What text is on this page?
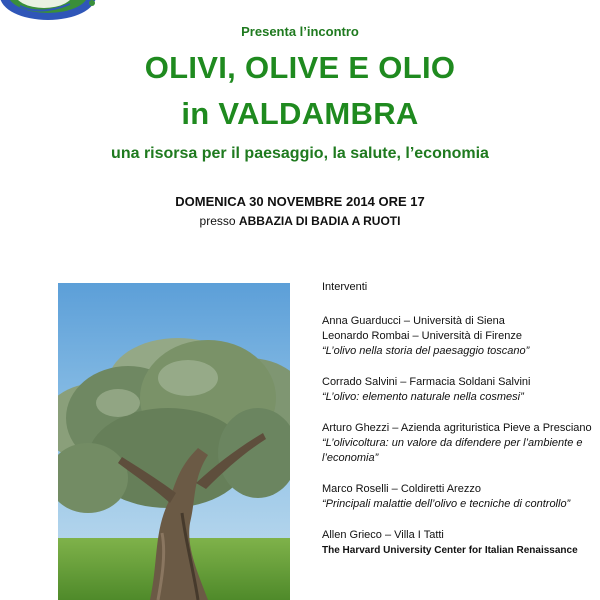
Presenta l’incontro
OLIVI, OLIVE E OLIO
in VALDAMBRA
una risorsa per il paesaggio, la salute, l’economia
DOMENICA 30 NOVEMBRE 2014 ORE 17
presso ABBAZIA DI BADIA A RUOTI
Interventi
Anna Guarducci – Università di Siena
Leonardo Rombai – Università di Firenze
“L’olivo nella storia del paesaggio toscano”
Corrado Salvini – Farmacia Soldani Salvini
“L’olivo: elemento naturale nella cosmesi”
Arturo Ghezzi – Azienda agrituristica Pieve a Presciano
“L’olivicoltura: un valore da difendere per l’ambiente e l’economia”
Marco Roselli – Coldiretti Arezzo
“Principali malattie dell’olivo e tecniche di controllo”
Allen Grieco – Villa I Tatti
The Harvard University Center for Italian Renaissance
